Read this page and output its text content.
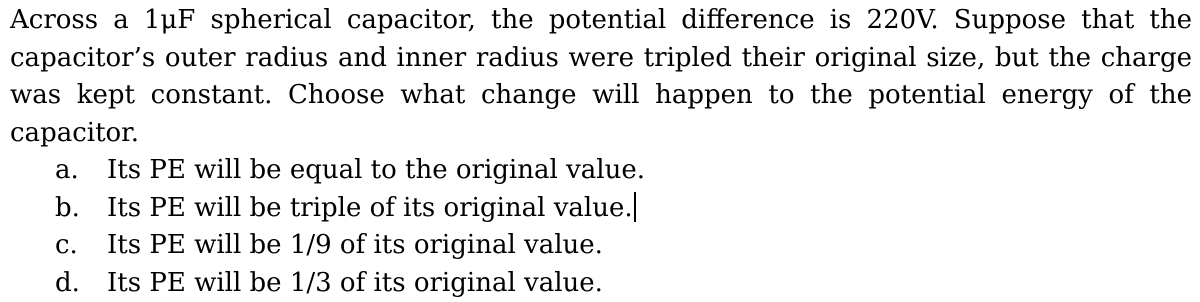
Across a 1μF spherical capacitor, the potential difference is 220V. Suppose that the capacitor’s outer radius and inner radius were tripled their original size, but the charge was kept constant. Choose what change will happen to the potential energy of the capacitor.

a. Its PE will be equal to the original value.
b. Its PE will be triple of its original value.
c. Its PE will be 1/9 of its original value.
d. Its PE will be 1/3 of its original value.
